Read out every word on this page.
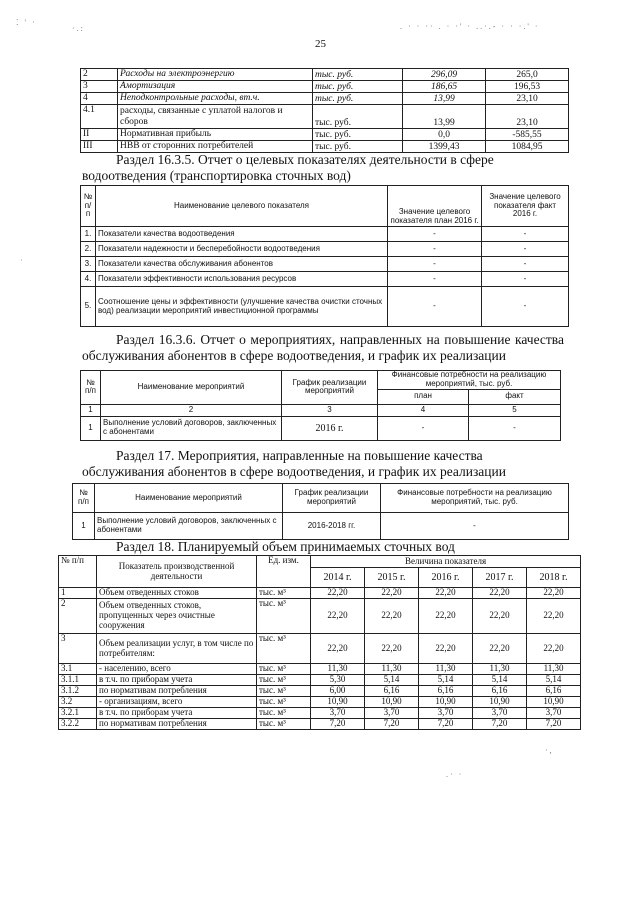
⁚ ' ·
·.:	. · · ·· . · ·' · ..·.- · · ·.' ·
·
·,
.· ·
25
2	Расходы на электроэнергию	тыс. руб.	296,09	265,0
3	Амортизация	тыс. руб.	186,65	196,53
4	Неподконтрольные расходы, вт.ч.	тыс. руб.	13,99	23,10
4.1	расходы, связанные с уплатой налогов и сборов	тыс. руб.	13,99	23,10
II	Нормативная прибыль	тыс. руб.	0,0	-585,55
III	НВВ от сторонних потребителей	тыс. руб.	1399,43	1084,95
Раздел 16.3.5. Отчет о целевых показателях деятельности в сфере водоотведения (транспортировка сточных вод)
№ п/п	Наименование целевого показателя	Значение целевого показателя план 2016 г.	Значение целевого показателя факт 2016 г.
1.	Показатели качества водоотведения	-	-
2.	Показатели надежности и бесперебойности водоотведения	-	-
3.	Показатели качества обслуживания абонентов	-	-
4.	Показатели эффективности использования ресурсов	-	-
5.	Соотношение цены и эффективности (улучшение качества очистки сточных вод) реализации мероприятий инвестиционной программы	-	-
Раздел 16.3.6. Отчет о мероприятиях, направленных на повышение качества обслуживания абонентов в сфере водоотведения, и график их реализации
№ п/п	Наименование мероприятий	График реализации мероприятий	Финансовые потребности на реализацию мероприятий, тыс. руб.	
			план	факт
1	2	3	4	5
1	Выполнение условий договоров, заключенных с абонентами	2016 г.	-	-
Раздел 17. Мероприятия, направленные на повышение качества обслуживания абонентов в сфере водоотведения, и график их реализации
№ п/п	Наименование мероприятий	График реализации мероприятий	Финансовые потребности на реализацию мероприятий, тыс. руб.
1	Выполнение условий договоров, заключенных с абонентами	2016-2018 гг.	-
Раздел 18. Планируемый объем принимаемых сточных вод
№ п/п	Показатель производственной деятельности	Ед. изм.	Величина показателя				
			2014 г.	2015 г.	2016 г.	2017 г.	2018 г.
1	Объем отведенных стоков	тыс. м³	22,20	22,20	22,20	22,20	22,20
2	Объем отведенных стоков, пропущенных через очистные сооружения	тыс. м³	22,20	22,20	22,20	22,20	22,20
3	Объем реализации услуг, в том числе по потребителям:	тыс. м³	22,20	22,20	22,20	22,20	22,20
3.1	- населению, всего	тыс. м³	11,30	11,30	11,30	11,30	11,30
3.1.1	в т.ч. по приборам учета	тыс. м³	5,30	5,14	5,14	5,14	5,14
3.1.2	по нормативам потребления	тыс. м³	6,00	6,16	6,16	6,16	6,16
3.2	- организациям, всего	тыс. м³	10,90	10,90	10,90	10,90	10,90
3.2.1	в т.ч. по приборам учета	тыс. м³	3,70	3,70	3,70	3,70	3,70
3.2.2	по нормативам потребления	тыс. м³	7,20	7,20	7,20	7,20	7,20
